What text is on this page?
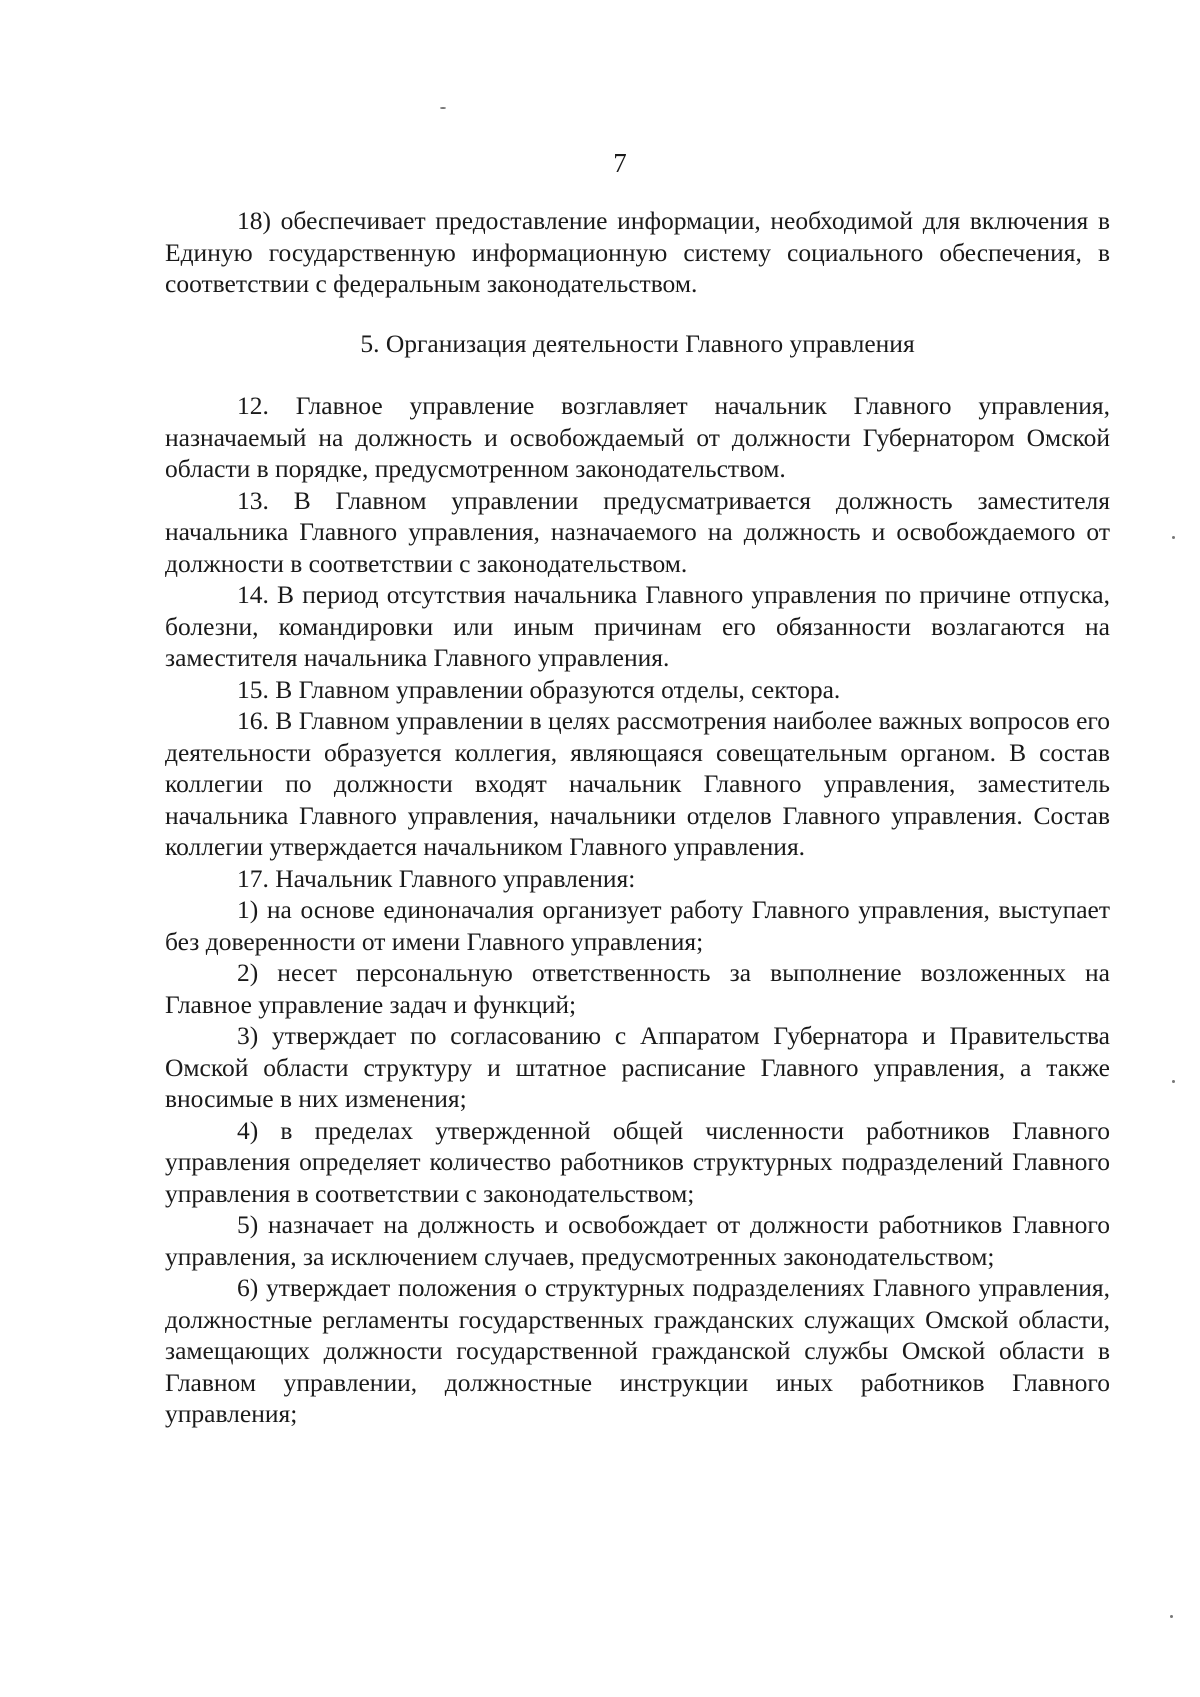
7

18) обеспечивает предоставление информации, необходимой для включения в Единую государственную информационную систему социального обеспечения, в соответствии с федеральным законодательством.

5. Организация деятельности Главного управления

12. Главное управление возглавляет начальник Главного управления, назначаемый на должность и освобождаемый от должности Губернатором Омской области в порядке, предусмотренном законодательством.

13. В Главном управлении предусматривается должность заместителя начальника Главного управления, назначаемого на должность и освобождаемого от должности в соответствии с законодательством.

14. В период отсутствия начальника Главного управления по причине отпуска, болезни, командировки или иным причинам его обязанности возлагаются на заместителя начальника Главного управления.

15. В Главном управлении образуются отделы, сектора.

16. В Главном управлении в целях рассмотрения наиболее важных вопросов его деятельности образуется коллегия, являющаяся совещательным органом. В состав коллегии по должности входят начальник Главного управления, заместитель начальника Главного управления, начальники отделов Главного управления. Состав коллегии утверждается начальником Главного управления.

17. Начальник Главного управления:

1) на основе единоначалия организует работу Главного управления, выступает без доверенности от имени Главного управления;

2) несет персональную ответственность за выполнение возложенных на Главное управление задач и функций;

3) утверждает по согласованию с Аппаратом Губернатора и Правительства Омской области структуру и штатное расписание Главного управления, а также вносимые в них изменения;

4) в пределах утвержденной общей численности работников Главного управления определяет количество работников структурных подразделений Главного управления в соответствии с законодательством;

5) назначает на должность и освобождает от должности работников Главного управления, за исключением случаев, предусмотренных законодательством;

6) утверждает положения о структурных подразделениях Главного управления, должностные регламенты государственных гражданских служащих Омской области, замещающих должности государственной гражданской службы Омской области в Главном управлении, должностные инструкции иных работников Главного управления;
